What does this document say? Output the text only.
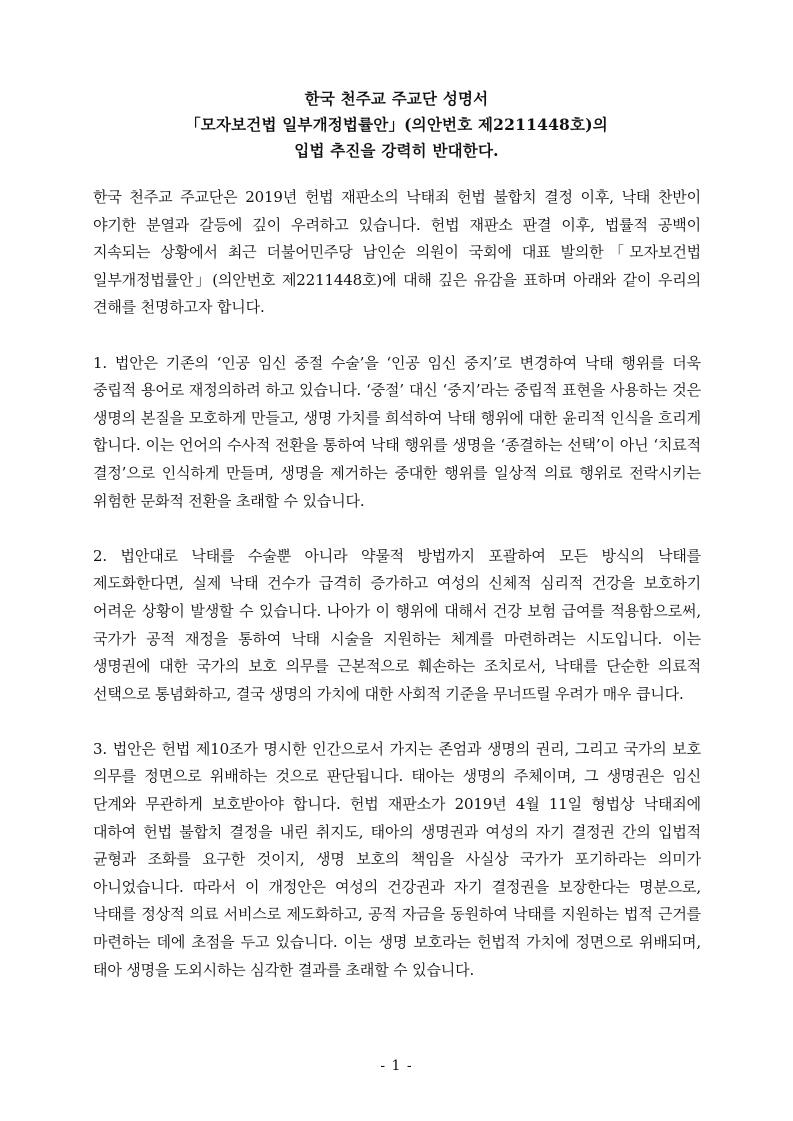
한국 천주교 주교단 성명서
「모자보건법 일부개정법률안」(의안번호 제2211448호)의
입법 추진을 강력히 반대한다.

한국 천주교 주교단은 2019년 헌법 재판소의 낙태죄 헌법 불합치 결정 이후, 낙태 찬반이 야기한 분열과 갈등에 깊이 우려하고 있습니다. 헌법 재판소 판결 이후, 법률적 공백이 지속되는 상황에서 최근 더불어민주당 남인순 의원이 국회에 대표 발의한「모자보건법 일부개정법률안」(의안번호 제2211448호)에 대해 깊은 유감을 표하며 아래와 같이 우리의 견해를 천명하고자 합니다.

1. 법안은 기존의 ‘인공 임신 중절 수술’을 ‘인공 임신 중지’로 변경하여 낙태 행위를 더욱 중립적 용어로 재정의하려 하고 있습니다. ‘중절’ 대신 ‘중지’라는 중립적 표현을 사용하는 것은 생명의 본질을 모호하게 만들고, 생명 가치를 희석하여 낙태 행위에 대한 윤리적 인식을 흐리게 합니다. 이는 언어의 수사적 전환을 통하여 낙태 행위를 생명을 ‘종결하는 선택’이 아닌 ‘치료적 결정’으로 인식하게 만들며, 생명을 제거하는 중대한 행위를 일상적 의료 행위로 전락시키는 위험한 문화적 전환을 초래할 수 있습니다.

2. 법안대로 낙태를 수술뿐 아니라 약물적 방법까지 포괄하여 모든 방식의 낙태를 제도화한다면, 실제 낙태 건수가 급격히 증가하고 여성의 신체적 심리적 건강을 보호하기 어려운 상황이 발생할 수 있습니다. 나아가 이 행위에 대해서 건강 보험 급여를 적용함으로써, 국가가 공적 재정을 통하여 낙태 시술을 지원하는 체계를 마련하려는 시도입니다. 이는 생명권에 대한 국가의 보호 의무를 근본적으로 훼손하는 조치로서, 낙태를 단순한 의료적 선택으로 통념화하고, 결국 생명의 가치에 대한 사회적 기준을 무너뜨릴 우려가 매우 큽니다.

3. 법안은 헌법 제10조가 명시한 인간으로서 가지는 존엄과 생명의 권리, 그리고 국가의 보호 의무를 정면으로 위배하는 것으로 판단됩니다. 태아는 생명의 주체이며, 그 생명권은 임신 단계와 무관하게 보호받아야 합니다. 헌법 재판소가 2019년 4월 11일 형법상 낙태죄에 대하여 헌법 불합치 결정을 내린 취지도, 태아의 생명권과 여성의 자기 결정권 간의 입법적 균형과 조화를 요구한 것이지, 생명 보호의 책임을 사실상 국가가 포기하라는 의미가 아니었습니다. 따라서 이 개정안은 여성의 건강권과 자기 결정권을 보장한다는 명분으로, 낙태를 정상적 의료 서비스로 제도화하고, 공적 자금을 동원하여 낙태를 지원하는 법적 근거를 마련하는 데에 초점을 두고 있습니다. 이는 생명 보호라는 헌법적 가치에 정면으로 위배되며, 태아 생명을 도외시하는 심각한 결과를 초래할 수 있습니다.

- 1 -
